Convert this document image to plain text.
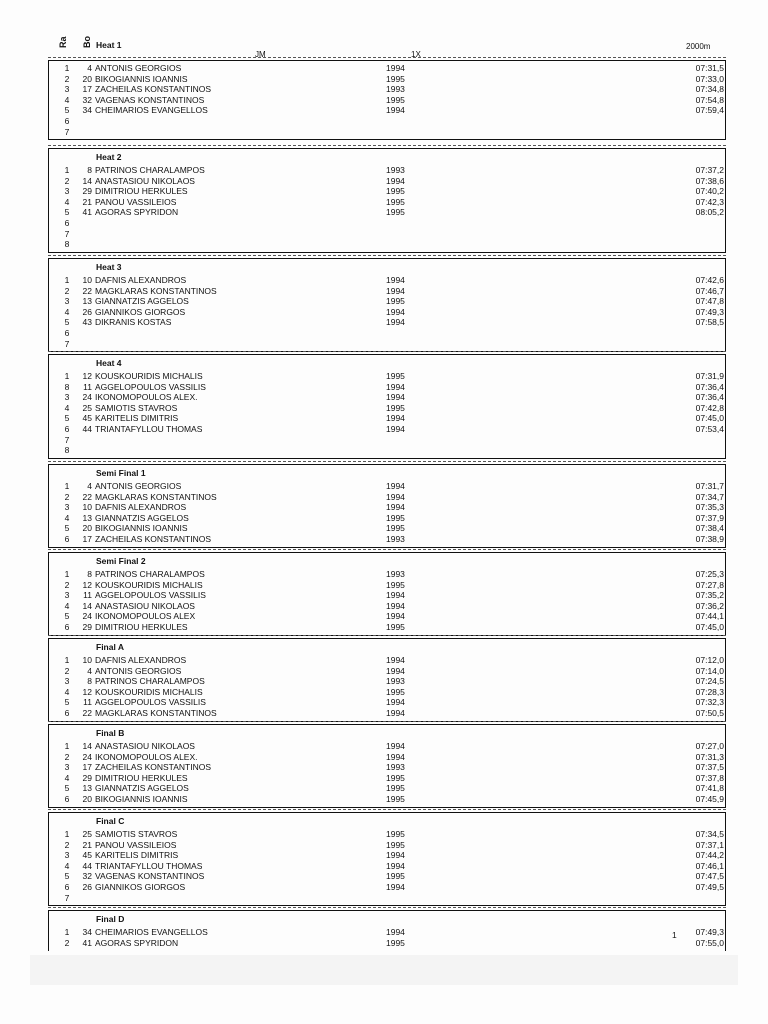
Ra Bo
JM	1X
2000m
Heat 1
1	4 ANTONIS GEORGIOS	1994	07:31,5
2	20 BIKOGIANNIS IOANNIS	1995	07:33,0
3	17 ZACHEILAS KONSTANTINOS	1993	07:34,8
4	32 VAGENAS KONSTANTINOS	1995	07:54,8
5	34 CHEIMARIOS EVANGELLOS	1994	07:59,4
6
7
Heat 2
1	8 PATRINOS CHARALAMPOS	1993	07:37,2
2	14 ANASTASIOU NIKOLAOS	1994	07:38,6
3	29 DIMITRIOU HERKULES	1995	07:40,2
4	21 PANOU VASSILEIOS	1995	07:42,3
5	41 AGORAS SPYRIDON	1995	08:05,2
6
7
8
Heat 3
1	10 DAFNIS ALEXANDROS	1994	07:42,6
2	22 MAGKLARAS KONSTANTINOS	1994	07:46,7
3	13 GIANNATZIS AGGELOS	1995	07:47,8
4	26 GIANNIKOS GIORGOS	1994	07:49,3
5	43 DIKRANIS KOSTAS	1994	07:58,5
6
7
Heat 4
1	12 KOUSKOURIDIS MICHALIS	1995	07:31,9
8	11 AGGELOPOULOS VASSILIS	1994	07:36,4
3	24 IKONOMOPOULOS ALEX.	1994	07:36,4
4	25 SAMIOTIS STAVROS	1995	07:42,8
5	45 KARITELIS DIMITRIS	1994	07:45,0
6	44 TRIANTAFYLLOU THOMAS	1994	07:53,4
7
8
Semi Final 1
1	4 ANTONIS GEORGIOS	1994	07:31,7
2	22 MAGKLARAS KONSTANTINOS	1994	07:34,7
3	10 DAFNIS ALEXANDROS	1994	07:35,3
4	13 GIANNATZIS AGGELOS	1995	07:37,9
5	20 BIKOGIANNIS IOANNIS	1995	07:38,4
6	17 ZACHEILAS KONSTANTINOS	1993	07:38,9
Semi Final 2
1	8 PATRINOS CHARALAMPOS	1993	07:25,3
2	12 KOUSKOURIDIS MICHALIS	1995	07:27,8
3	11 AGGELOPOULOS VASSILIS	1994	07:35,2
4	14 ANASTASIOU NIKOLAOS	1994	07:36,2
5	24 IKONOMOPOULOS ALEX	1994	07:44,1
6	29 DIMITRIOU HERKULES	1995	07:45,0
Final A
1	10 DAFNIS ALEXANDROS	1994	07:12,0
2	4 ANTONIS GEORGIOS	1994	07:14,0
3	8 PATRINOS CHARALAMPOS	1993	07:24,5
4	12 KOUSKOURIDIS MICHALIS	1995	07:28,3
5	11 AGGELOPOULOS VASSILIS	1994	07:32,3
6	22 MAGKLARAS KONSTANTINOS	1994	07:50,5
Final B
1	14 ANASTASIOU NIKOLAOS	1994	07:27,0
2	24 IKONOMOPOULOS ALEX.	1994	07:31,3
3	17 ZACHEILAS KONSTANTINOS	1993	07:37,5
4	29 DIMITRIOU HERKULES	1995	07:37,8
5	13 GIANNATZIS AGGELOS	1995	07:41,8
6	20 BIKOGIANNIS IOANNIS	1995	07:45,9
Final C
1	25 SAMIOTIS STAVROS	1995	07:34,5
2	21 PANOU VASSILEIOS	1995	07:37,1
3	45 KARITELIS DIMITRIS	1994	07:44,2
4	44 TRIANTAFYLLOU THOMAS	1994	07:46,1
5	32 VAGENAS KONSTANTINOS	1995	07:47,5
6	26 GIANNIKOS GIORGOS	1994	07:49,5
7
Final D
1	34 CHEIMARIOS EVANGELLOS	1994	07:49,3
2	41 AGORAS SPYRIDON	1995	07:55,0
1
